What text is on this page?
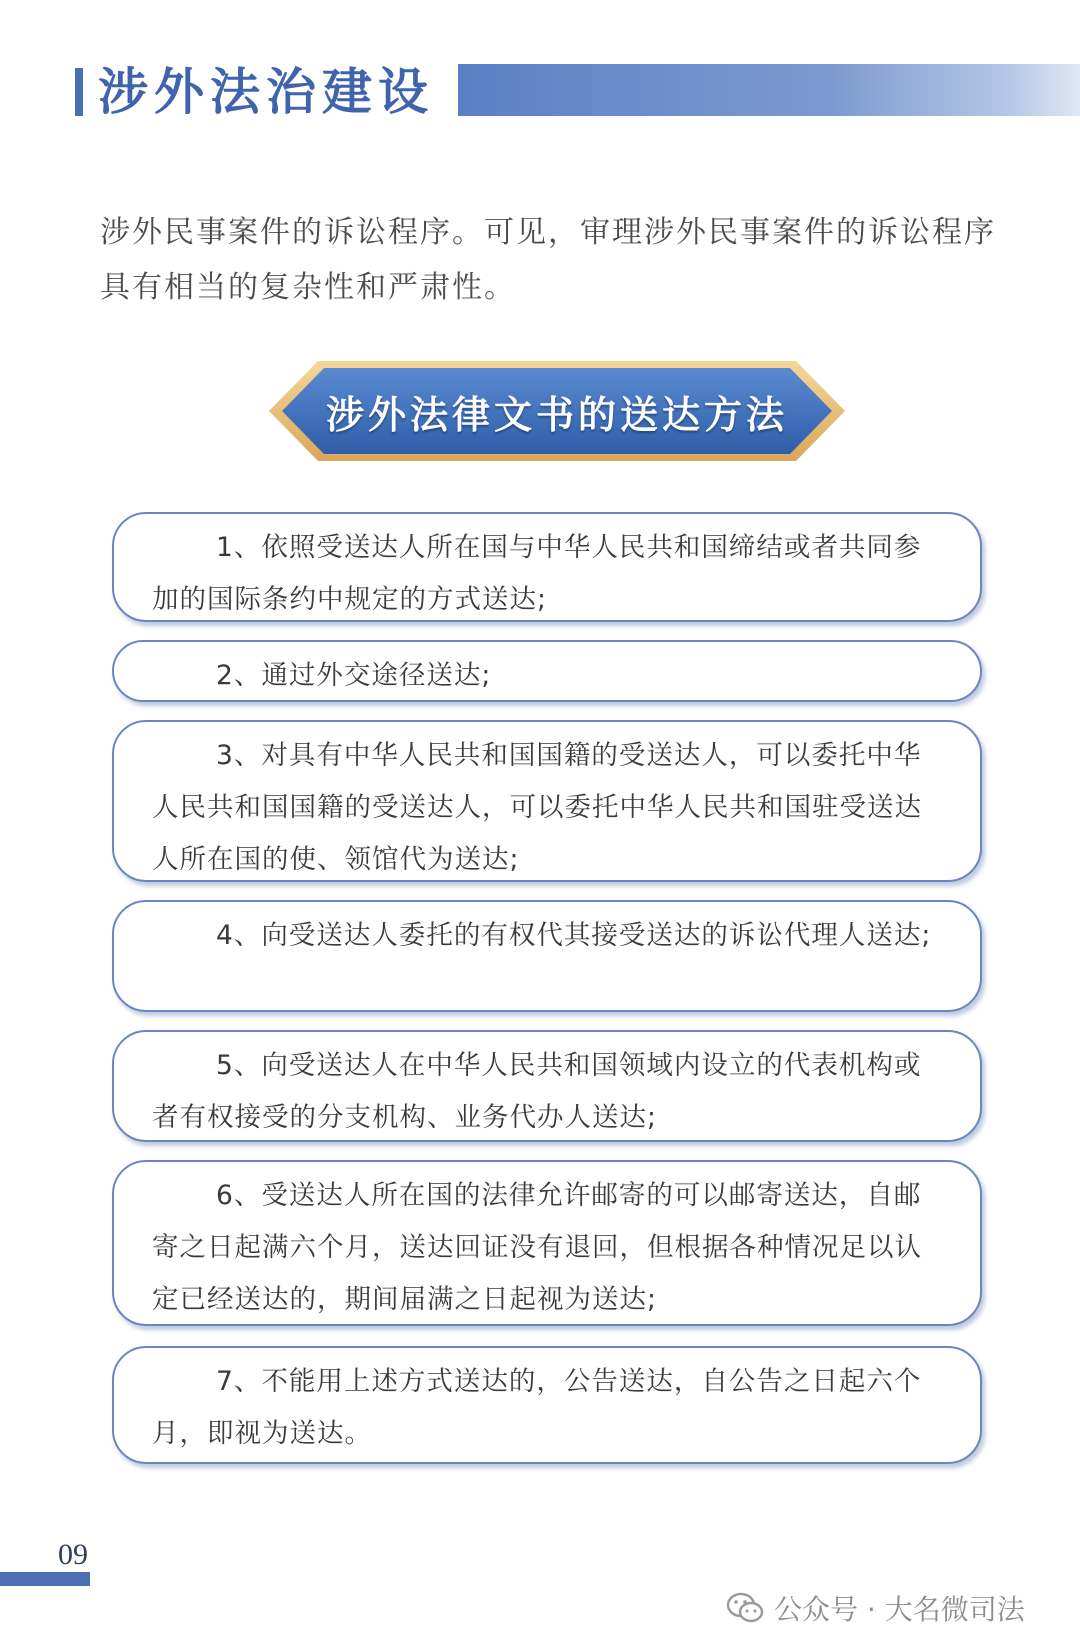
涉外法治建设

涉外民事案件的诉讼程序。可见，审理涉外民事案件的诉讼程序具有相当的复杂性和严肃性。

涉外法律文书的送达方法

1、依照受送达人所在国与中华人民共和国缔结或者共同参加的国际条约中规定的方式送达;

2、通过外交途径送达;

3、对具有中华人民共和国国籍的受送达人，可以委托中华人民共和国国籍的受送达人，可以委托中华人民共和国驻受送达人所在国的使、领馆代为送达;

4、向受送达人委托的有权代其接受送达的诉讼代理人送达;

5、向受送达人在中华人民共和国领域内设立的代表机构或者有权接受的分支机构、业务代办人送达;

6、受送达人所在国的法律允许邮寄的可以邮寄送达，自邮寄之日起满六个月，送达回证没有退回，但根据各种情况足以认定已经送达的，期间届满之日起视为送达;

7、不能用上述方式送达的，公告送达，自公告之日起六个月，即视为送达。

09
公众号 · 大名微司法
